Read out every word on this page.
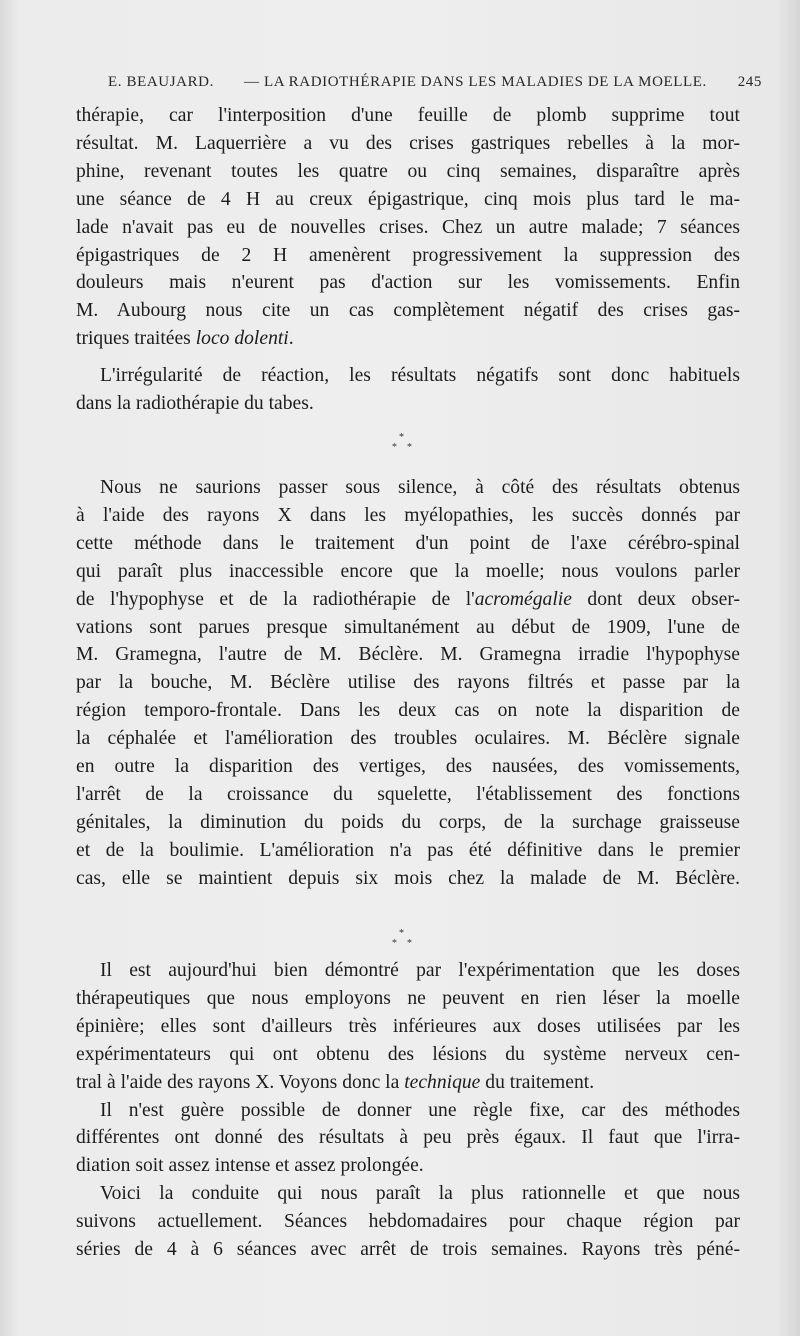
E. BEAUJARD. — LA RADIOTHÉRAPIE DANS LES MALADIES DE LA MOELLE. 245

thérapie, car l'interposition d'une feuille de plomb supprime tout

résultat. M. Laquerrière a vu des crises gastriques rebelles à la mor-

phine, revenant toutes les quatre ou cinq semaines, disparaître après

une séance de 4 H au creux épigastrique, cinq mois plus tard le ma-

lade n'avait pas eu de nouvelles crises. Chez un autre malade; 7 séances

épigastriques de 2 H amenèrent progressivement la suppression des

douleurs mais n'eurent pas d'action sur les vomissements. Enfin

M. Aubourg nous cite un cas complètement négatif des crises gas-

triques traitées loco dolenti.

L'irrégularité de réaction, les résultats négatifs sont donc habituels

dans la radiothérapie du tabes.

*
* *

Nous ne saurions passer sous silence, à côté des résultats obtenus

à l'aide des rayons X dans les myélopathies, les succès donnés par

cette méthode dans le traitement d'un point de l'axe cérébro-spinal

qui paraît plus inaccessible encore que la moelle; nous voulons parler

de l'hypophyse et de la radiothérapie de l'acromégalie dont deux obser-

vations sont parues presque simultanément au début de 1909, l'une de

M. Gramegna, l'autre de M. Béclère. M. Gramegna irradie l'hypophyse

par la bouche, M. Béclère utilise des rayons filtrés et passe par la

région temporo-frontale. Dans les deux cas on note la disparition de

la céphalée et l'amélioration des troubles oculaires. M. Béclère signale

en outre la disparition des vertiges, des nausées, des vomissements,

l'arrêt de la croissance du squelette, l'établissement des fonctions

génitales, la diminution du poids du corps, de la surchage graisseuse

et de la boulimie. L'amélioration n'a pas été définitive dans le premier

cas, elle se maintient depuis six mois chez la malade de M. Béclère.

*
* *

Il est aujourd'hui bien démontré par l'expérimentation que les doses

thérapeutiques que nous employons ne peuvent en rien léser la moelle

épinière; elles sont d'ailleurs très inférieures aux doses utilisées par les

expérimentateurs qui ont obtenu des lésions du système nerveux cen-

tral à l'aide des rayons X. Voyons donc la technique du traitement.

Il n'est guère possible de donner une règle fixe, car des méthodes

différentes ont donné des résultats à peu près égaux. Il faut que l'irra-

diation soit assez intense et assez prolongée.

Voici la conduite qui nous paraît la plus rationnelle et que nous

suivons actuellement. Séances hebdomadaires pour chaque région par

séries de 4 à 6 séances avec arrêt de trois semaines. Rayons très péné-
